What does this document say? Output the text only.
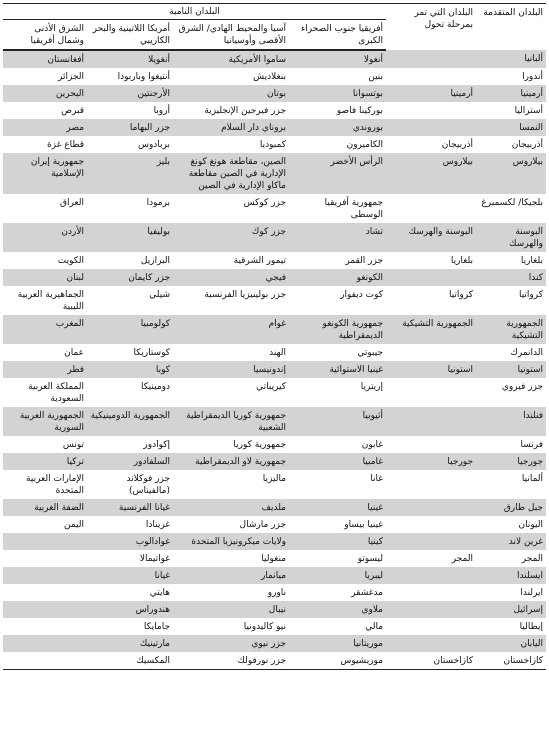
البلدان المتقدمة	البلدان التي تمر بمرحلة تحول	البلدان النامية			
		أفريقيا جنوب الصحراء الكبرى	آسيا والمحيط الهادي/ الشرق الأقصى وأوسيانيا	أمريكا اللاتينية والبحر الكاريبي	الشرق الأدنى وشمال أفريقيا
ألبانيا		أنغولا	ساموا الأمريكية	أنغويلا	أفغانستان
أندورا		بنين	بنغلاديش	أنتيغوا وباربودا	الجزائر
أرمينيا	أرمينيا	بوتسوانا	بوتان	الأرجنتين	البحرين
أستراليا		بوركينا فاصو	جزر فيرجين الإنجليزية	أروبا	قبرص
النمسا		بوروندي	بروناي دار السلام	جزر البهاما	مصر
أذربيجان	أذربيجان	الكاميرون	كمبوديا	بربادوس	قطاع غزة
بيلاروس	بيلاروس	الرأس الأخضر	الصين، مقاطعة هونغ كونغ الإدارية في الصين مقاطعة ماكاو الإدارية في الصين	بليز	جمهورية إيران الإسلامية
بلجيكا/ لكسمبرغ		جمهورية أفريقيا الوسطى	جزر كوكس	برمودا	العراق
البوسنة والهرسك	البوسنة والهرسك	تشاد	جزر كوك	بوليفيا	الأردن
بلغاريا	بلغاريا	جزر القمر	تيمور الشرقية	البرازيل	الكويت
كندا		الكونغو	فيجي	جزر كايمان	لبنان
كرواتيا	كرواتيا	كوت ديفوار	جزر بولينيزيا الفرنسية	شيلي	الجماهيرية العربية الليبية
الجمهورية التشيكية	الجمهورية التشيكية	جمهورية الكونغو الديمقراطية	غوام	كولومبيا	المغرب
الدانمرك		جيبوتي	الهند	كوستاريكا	عمان
استونيا	استونيا	غينيا الاستوائية	إندونيسيا	كوبا	قطر
جزر فيروي		إريتريا	كيريباتي	دومينيكا	المملكة العربية السعودية
فنلندا		أثيوبيا	جمهورية كوريا الديمقراطية الشعبية	الجمهورية الدومينيكية	الجمهورية العربية السورية
فرنسا		غابون	جمهورية كوريا	إكوادور	تونس
جورجيا	جورجيا	غامبيا	جمهورية لاو الديمقراطية	السلفادور	تركيا
ألمانيا		غانا	ماليزيا	جزر فوكلاند (مالفيناس)	الإمارات العربية المتحدة
جبل طارق		غينيا	ملديف	غيانا الفرنسية	الضفة الغربية
اليونان		غينيا بيساو	جزر مارشال	غرينادا	اليمن
غرين لاند		كينيا	ولايات ميكرونيزيا المتحدة	غوادالوب	
المجر	المجر	ليسوتو	منغوليا	غواتيمالا	
ايسلندا		ليبريا	ميانمار	غيانا	
ايرلندا		مدغشقر	ناورو	هايتي	
إسرائيل		ملاوي	نيبال	هندوراس	
إيطاليا		مالي	نيو كاليدونيا	جامايكا	
اليابان		موريتانيا	جزر نيوي	مارتينيك	
كازاخستان	كازاخستان	موريشيوس	جزر نورفولك	المكسيك	
